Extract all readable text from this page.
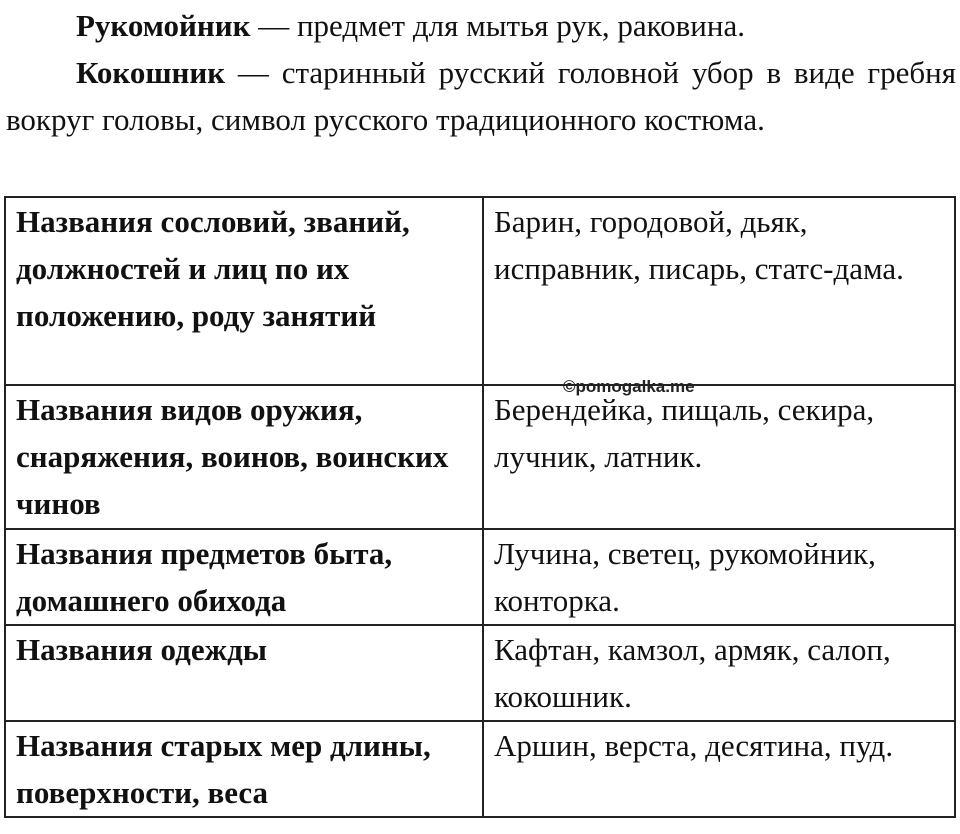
Рукомойник — предмет для мытья рук, раковина.

Кокошник — старинный русский головной убор в виде гребня вокруг головы, символ русского традиционного костюма.

Названия сословий, званий, должностей и лиц по их положению, роду занятий	Барин, городовой, дьяк, исправник, писарь, статс-дама.
Названия видов оружия, снаряжения, воинов, воинских чинов	Берендейка, пищаль, секира, лучник, латник.
Названия предметов быта, домашнего обихода	Лучина, светец, рукомойник, конторка.
Названия одежды	Кафтан, камзол, армяк, салоп, кокошник.
Названия старых мер длины, поверхности, веса	Аршин, верста, десятина, пуд.
©pomogalka.me
